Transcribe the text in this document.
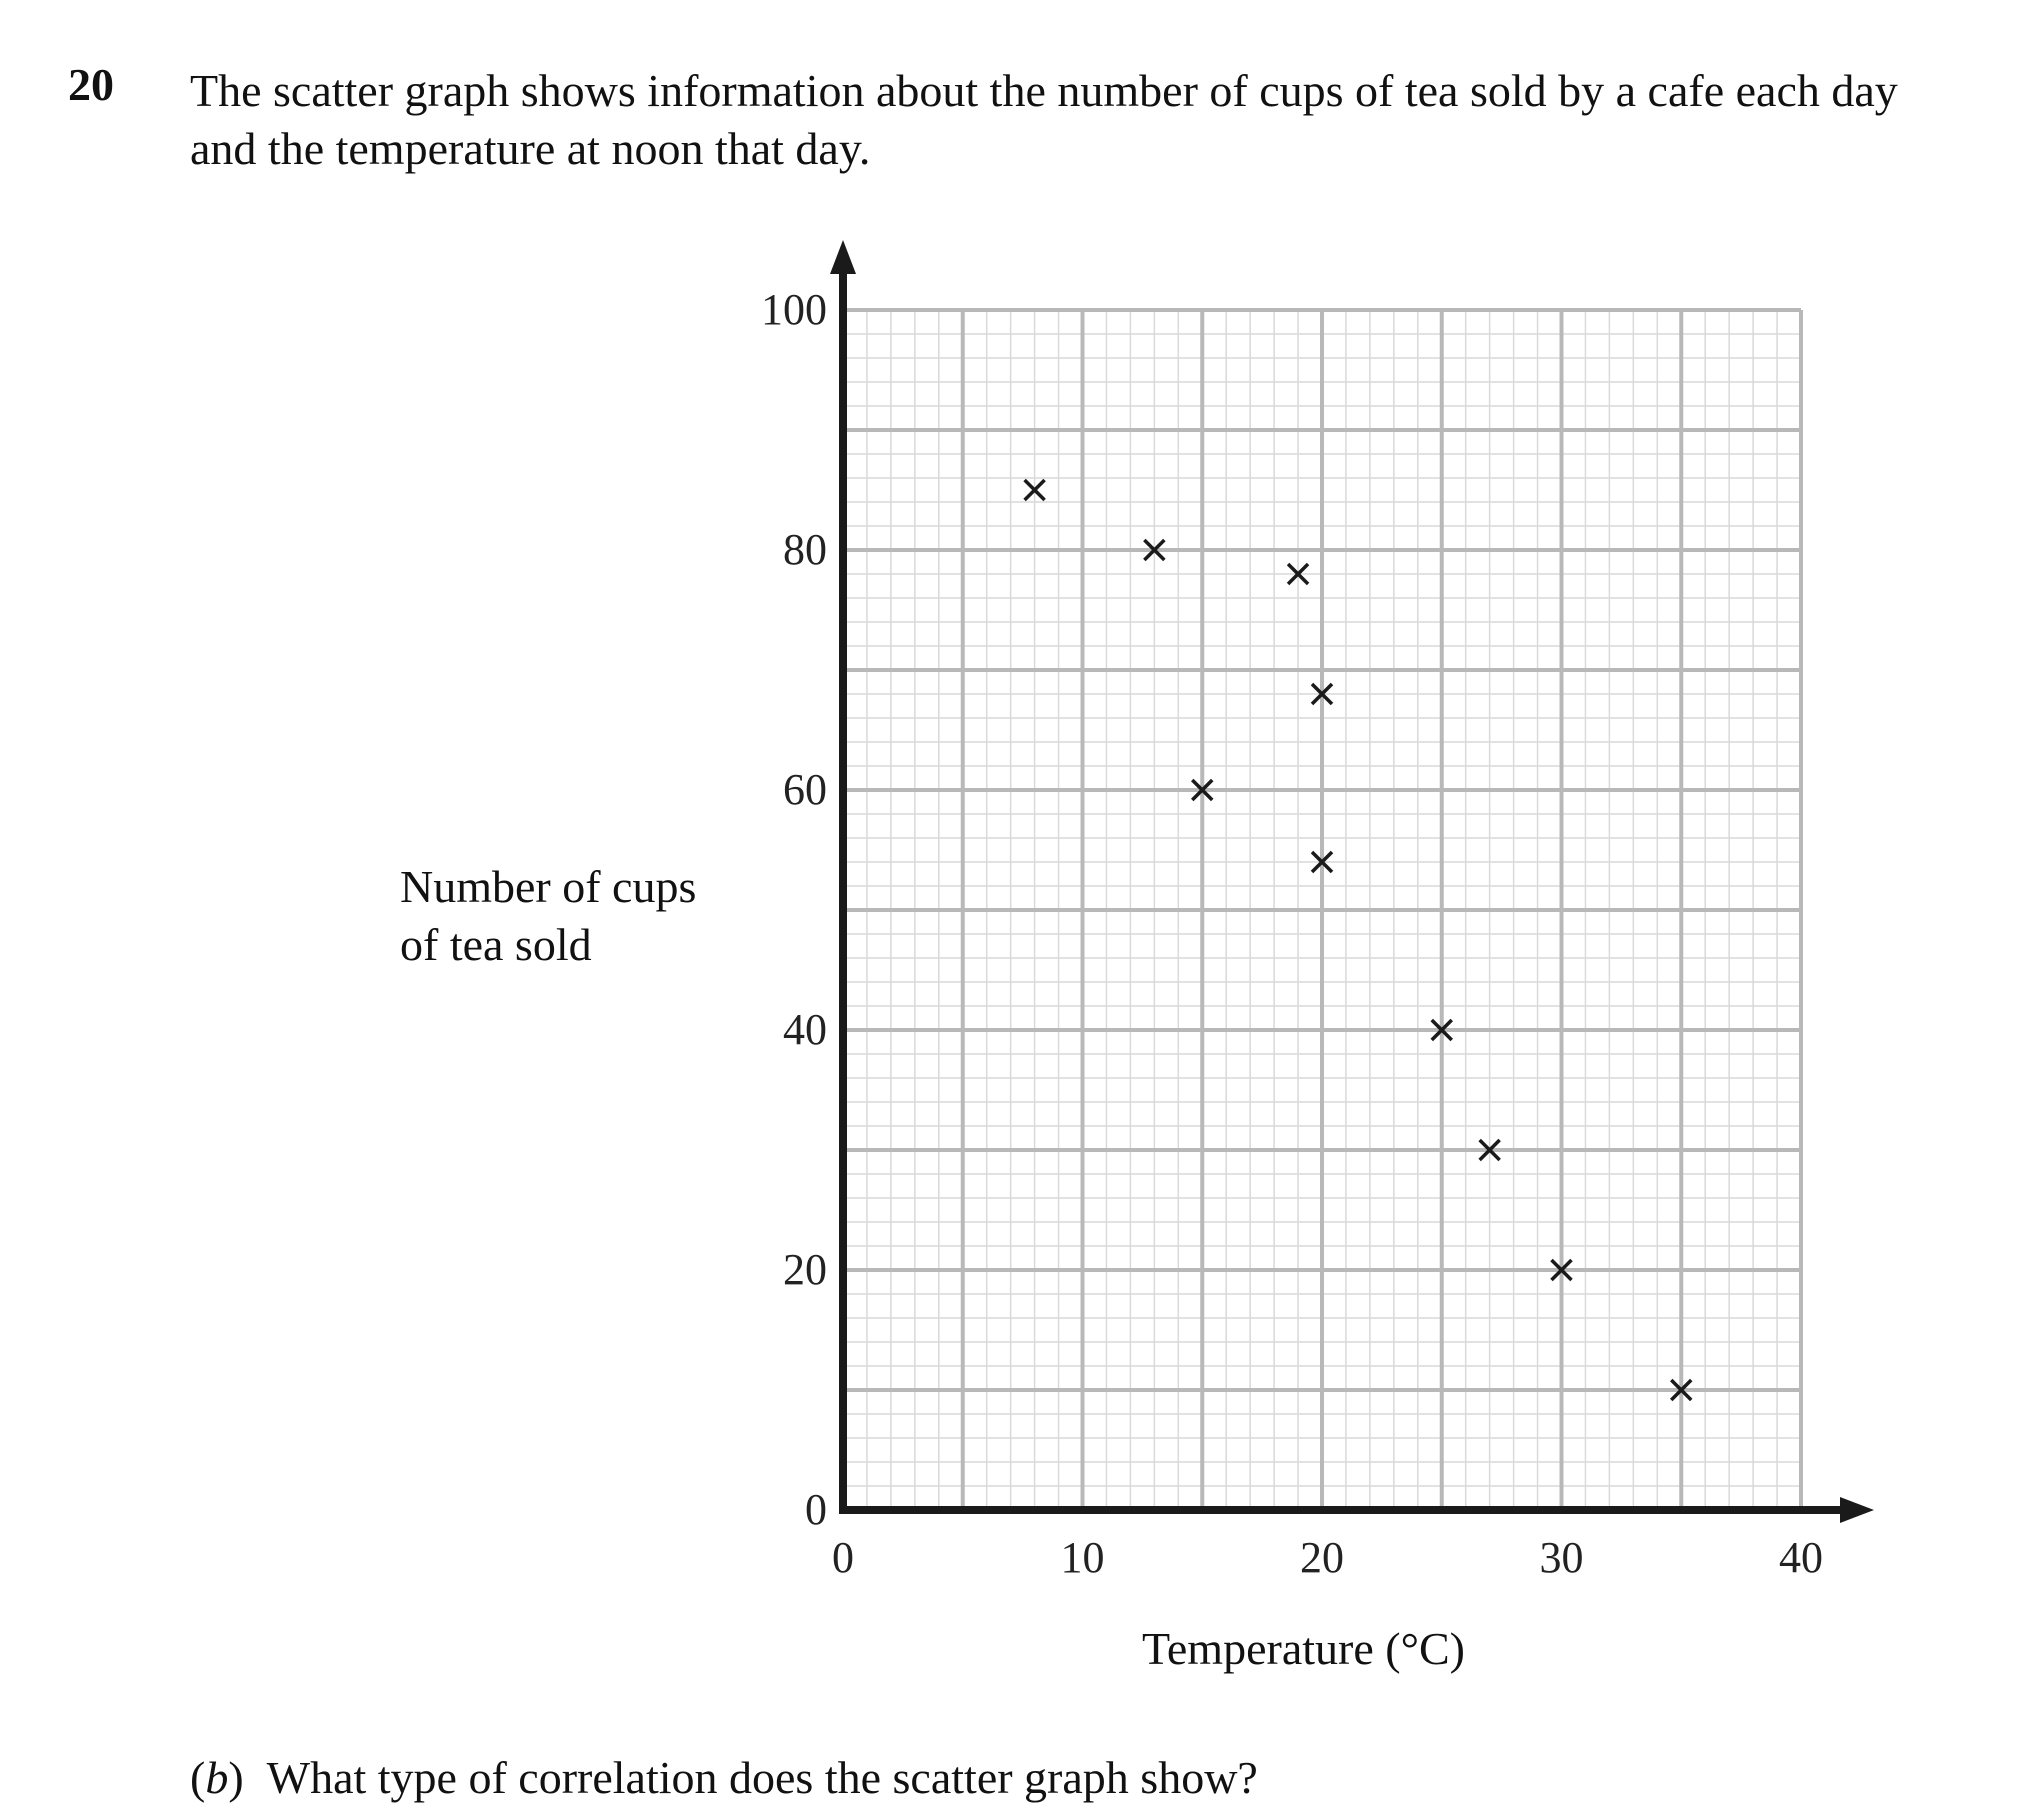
20 The scatter graph shows information about the number of cups of tea sold by a cafe each day and the temperature at noon that day.
0	10	20	30	40
0
20
40
60
80
100
Number of cups of tea sold
Temperature (°C)
(b)  What type of correlation does the scatter graph show?
